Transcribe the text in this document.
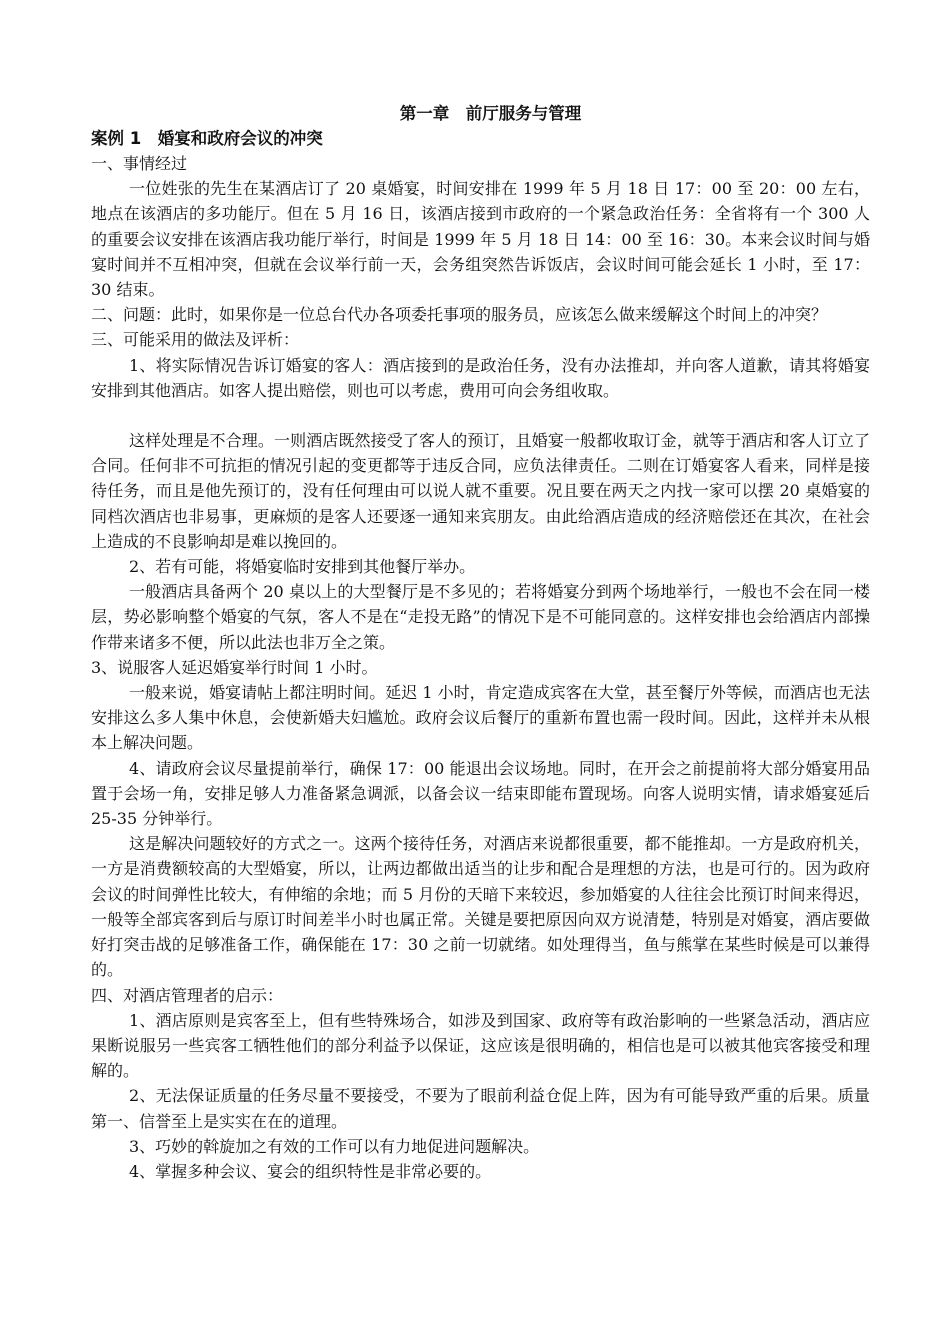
第一章　前厅服务与管理
案例 1　婚宴和政府会议的冲突

一、事情经过

一位姓张的先生在某酒店订了 20 桌婚宴，时间安排在 1999 年 5 月 18 日 17：00 至 20：00 左右，地点在该酒店的多功能厅。但在 5 月 16 日，该酒店接到市政府的一个紧急政治任务：全省将有一个 300 人的重要会议安排在该酒店我功能厅举行，时间是 1999 年 5 月 18 日 14：00 至 16：30。本来会议时间与婚宴时间并不互相冲突，但就在会议举行前一天，会务组突然告诉饭店，会议时间可能会延长 1 小时，至 17：30 结束。

二、问题：此时，如果你是一位总台代办各项委托事项的服务员，应该怎么做来缓解这个时间上的冲突？

三、可能采用的做法及评析：

1、将实际情况告诉订婚宴的客人：酒店接到的是政治任务，没有办法推却，并向客人道歉，请其将婚宴安排到其他酒店。如客人提出赔偿，则也可以考虑，费用可向会务组收取。

这样处理是不合理。一则酒店既然接受了客人的预订，且婚宴一般都收取订金，就等于酒店和客人订立了合同。任何非不可抗拒的情况引起的变更都等于违反合同，应负法律责任。二则在订婚宴客人看来，同样是接待任务，而且是他先预订的，没有任何理由可以说人就不重要。况且要在两天之内找一家可以摆 20 桌婚宴的同档次酒店也非易事，更麻烦的是客人还要逐一通知来宾朋友。由此给酒店造成的经济赔偿还在其次，在社会上造成的不良影响却是难以挽回的。

2、若有可能，将婚宴临时安排到其他餐厅举办。

一般酒店具备两个 20 桌以上的大型餐厅是不多见的；若将婚宴分到两个场地举行，一般也不会在同一楼层，势必影响整个婚宴的气氛，客人不是在“走投无路”的情况下是不可能同意的。这样安排也会给酒店内部操作带来诸多不便，所以此法也非万全之策。

3、说服客人延迟婚宴举行时间 1 小时。

一般来说，婚宴请帖上都注明时间。延迟 1 小时，肯定造成宾客在大堂，甚至餐厅外等候，而酒店也无法安排这么多人集中休息，会使新婚夫妇尴尬。政府会议后餐厅的重新布置也需一段时间。因此，这样并未从根本上解决问题。

4、请政府会议尽量提前举行，确保 17：00 能退出会议场地。同时，在开会之前提前将大部分婚宴用品置于会场一角，安排足够人力准备紧急调派，以备会议一结束即能布置现场。向客人说明实情，请求婚宴延后 25-35 分钟举行。

这是解决问题较好的方式之一。这两个接待任务，对酒店来说都很重要，都不能推却。一方是政府机关，一方是消费额较高的大型婚宴，所以，让两边都做出适当的让步和配合是理想的方法，也是可行的。因为政府会议的时间弹性比较大，有伸缩的余地；而 5 月份的天暗下来较迟，参加婚宴的人往往会比预订时间来得迟，一般等全部宾客到后与原订时间差半小时也属正常。关键是要把原因向双方说清楚，特别是对婚宴，酒店要做好打突击战的足够准备工作，确保能在 17：30 之前一切就绪。如处理得当，鱼与熊掌在某些时候是可以兼得的。

四、对酒店管理者的启示：

1、酒店原则是宾客至上，但有些特殊场合，如涉及到国家、政府等有政治影响的一些紧急活动，酒店应果断说服另一些宾客工牺牲他们的部分利益予以保证，这应该是很明确的，相信也是可以被其他宾客接受和理解的。

2、无法保证质量的任务尽量不要接受，不要为了眼前利益仓促上阵，因为有可能导致严重的后果。质量第一、信誉至上是实实在在的道理。

3、巧妙的斡旋加之有效的工作可以有力地促进问题解决。

4、掌握多种会议、宴会的组织特性是非常必要的。
